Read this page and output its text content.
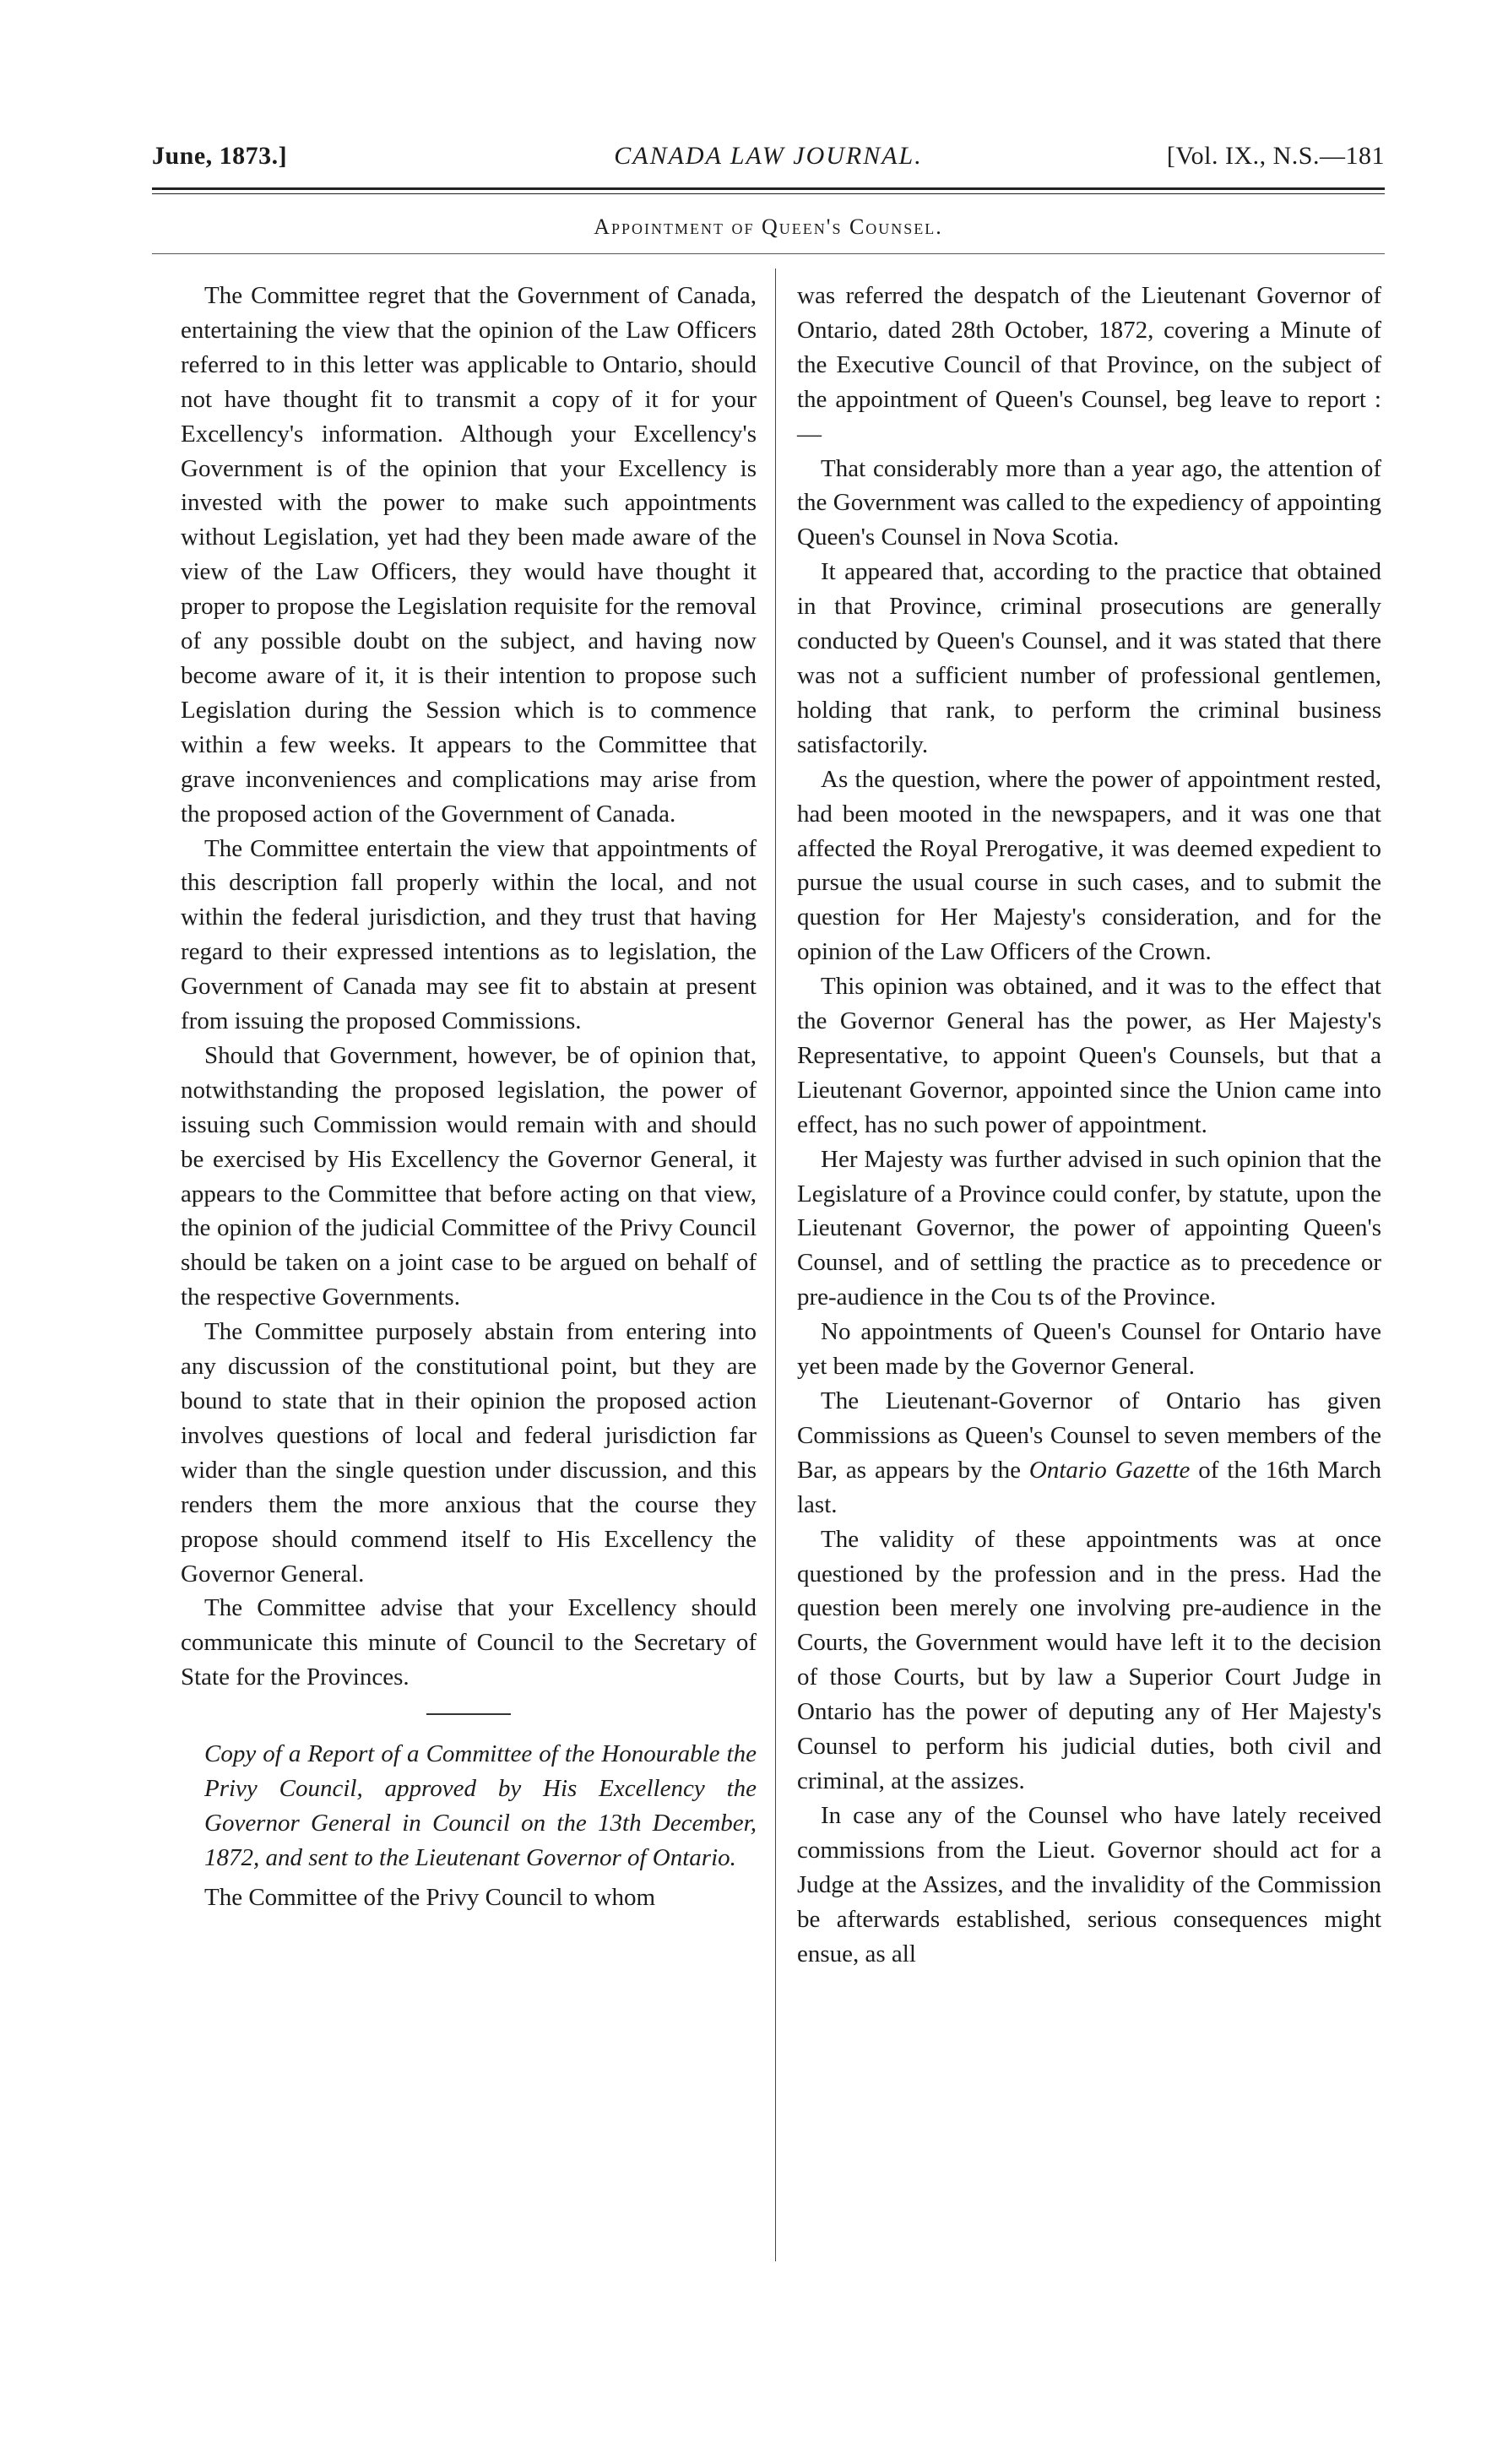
June, 1873.]	CANADA LAW JOURNAL.	[Vol. IX., N.S.—181
Appointment of Queen's Counsel.

The Committee regret that the Government of Canada, entertaining the view that the opinion of the Law Officers referred to in this letter was applicable to Ontario, should not have thought fit to transmit a copy of it for your Excellency's information. Although your Excellency's Government is of the opinion that your Excellency is invested with the power to make such appointments without Legislation, yet had they been made aware of the view of the Law Officers, they would have thought it proper to propose the Legislation requisite for the removal of any possible doubt on the subject, and having now become aware of it, it is their intention to propose such Legislation during the Session which is to commence within a few weeks. It appears to the Committee that grave inconveniences and complications may arise from the proposed action of the Government of Canada.

The Committee entertain the view that appointments of this description fall properly within the local, and not within the federal jurisdiction, and they trust that having regard to their expressed intentions as to legislation, the Government of Canada may see fit to abstain at present from issuing the proposed Commissions.

Should that Government, however, be of opinion that, notwithstanding the proposed legislation, the power of issuing such Commission would remain with and should be exercised by His Excellency the Governor General, it appears to the Committee that before acting on that view, the opinion of the judicial Committee of the Privy Council should be taken on a joint case to be argued on behalf of the respective Governments.

The Committee purposely abstain from entering into any discussion of the constitutional point, but they are bound to state that in their opinion the proposed action involves questions of local and federal jurisdiction far wider than the single question under discussion, and this renders them the more anxious that the course they propose should commend itself to His Excellency the Governor General.

The Committee advise that your Excellency should communicate this minute of Council to the Secretary of State for the Provinces.

Copy of a Report of a Committee of the Honourable the Privy Council, approved by His Excellency the Governor General in Council on the 13th December, 1872, and sent to the Lieutenant Governor of Ontario.

The Committee of the Privy Council to whom

was referred the despatch of the Lieutenant Governor of Ontario, dated 28th October, 1872, covering a Minute of the Executive Council of that Province, on the subject of the appointment of Queen's Counsel, beg leave to report :—

That considerably more than a year ago, the attention of the Government was called to the expediency of appointing Queen's Counsel in Nova Scotia.

It appeared that, according to the practice that obtained in that Province, criminal prosecutions are generally conducted by Queen's Counsel, and it was stated that there was not a sufficient number of professional gentlemen, holding that rank, to perform the criminal business satisfactorily.

As the question, where the power of appointment rested, had been mooted in the newspapers, and it was one that affected the Royal Prerogative, it was deemed expedient to pursue the usual course in such cases, and to submit the question for Her Majesty's consideration, and for the opinion of the Law Officers of the Crown.

This opinion was obtained, and it was to the effect that the Governor General has the power, as Her Majesty's Representative, to appoint Queen's Counsels, but that a Lieutenant Governor, appointed since the Union came into effect, has no such power of appointment.

Her Majesty was further advised in such opinion that the Legislature of a Province could confer, by statute, upon the Lieutenant Governor, the power of appointing Queen's Counsel, and of settling the practice as to precedence or pre-audience in the Cou ts of the Province.

No appointments of Queen's Counsel for Ontario have yet been made by the Governor General.

The Lieutenant-Governor of Ontario has given Commissions as Queen's Counsel to seven members of the Bar, as appears by the Ontario Gazette of the 16th March last.

The validity of these appointments was at once questioned by the profession and in the press. Had the question been merely one involving pre-audience in the Courts, the Government would have left it to the decision of those Courts, but by law a Superior Court Judge in Ontario has the power of deputing any of Her Majesty's Counsel to perform his judicial duties, both civil and criminal, at the assizes.

In case any of the Counsel who have lately received commissions from the Lieut. Governor should act for a Judge at the Assizes, and the invalidity of the Commission be afterwards established, serious consequences might ensue, as all
